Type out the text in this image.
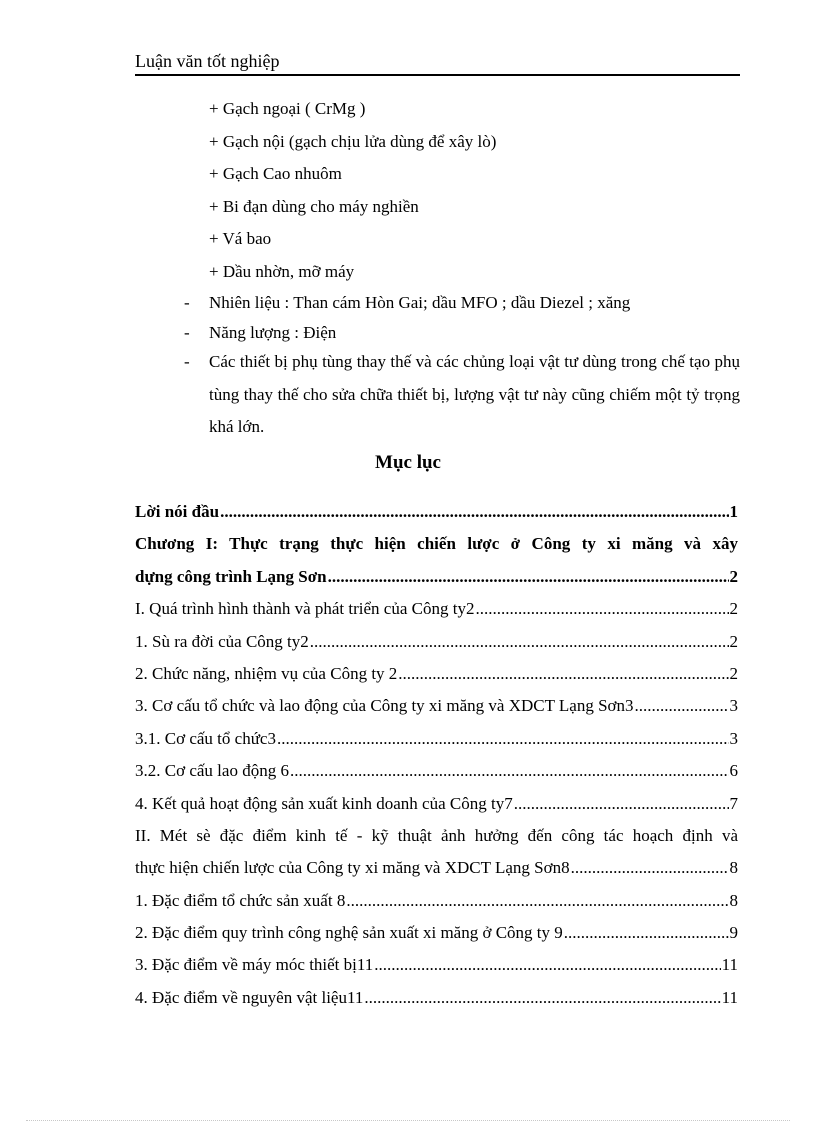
Luận văn tốt nghiệp
+ Gạch ngoại ( CrMg )
+ Gạch nội (gạch chịu lửa dùng để xây lò)
+ Gạch Cao nhuôm
+ Bi đạn dùng cho máy nghiền
+ Vá bao
+ Dầu nhờn, mỡ máy
-	Nhiên liệu : Than cám Hòn Gai; dầu MFO ; dầu Diezel ; xăng
-	Năng lượng : Điện
-	Các thiết bị phụ tùng thay thế và các chủng loại vật tư dùng trong chế tạo phụ tùng thay thế cho sửa chữa thiết bị, lượng vật tư này cũng chiếm một tỷ trọng khá lớn.
Mục lục
Lời nói đầu .....	1
Chương I: Thực trạng thực hiện chiến lược ở Công ty xi măng và xây
dựng công trình Lạng Sơn .....	2
I. Quá trình hình thành và phát triển của Công ty2 .....	2
1. Sù ra đời của Công ty2 .....	2
2. Chức năng, nhiệm vụ của Công ty 2 .....	2
3. Cơ cấu tổ chức và lao động của Công ty xi măng và XDCT Lạng Sơn3 .....	3
3.1. Cơ cấu tổ chức3 .....	3
3.2. Cơ cấu lao động 6 .....	6
4. Kết quả hoạt động sản xuất kinh doanh của Công ty7 .....	7
II. Mét sè đặc điểm kinh tế - kỹ thuật ảnh hưởng đến công tác hoạch định và
thực hiện chiến lược của Công ty xi măng và XDCT Lạng Sơn8 .....	8
1. Đặc điểm tổ chức sản xuất 8 .....	8
2. Đặc điểm quy trình công nghệ sản xuất xi măng ở Công ty 9 .....	9
3. Đặc điểm về máy móc thiết bị11 .....	11
4. Đặc điểm về nguyên vật liệu11 .....	11
